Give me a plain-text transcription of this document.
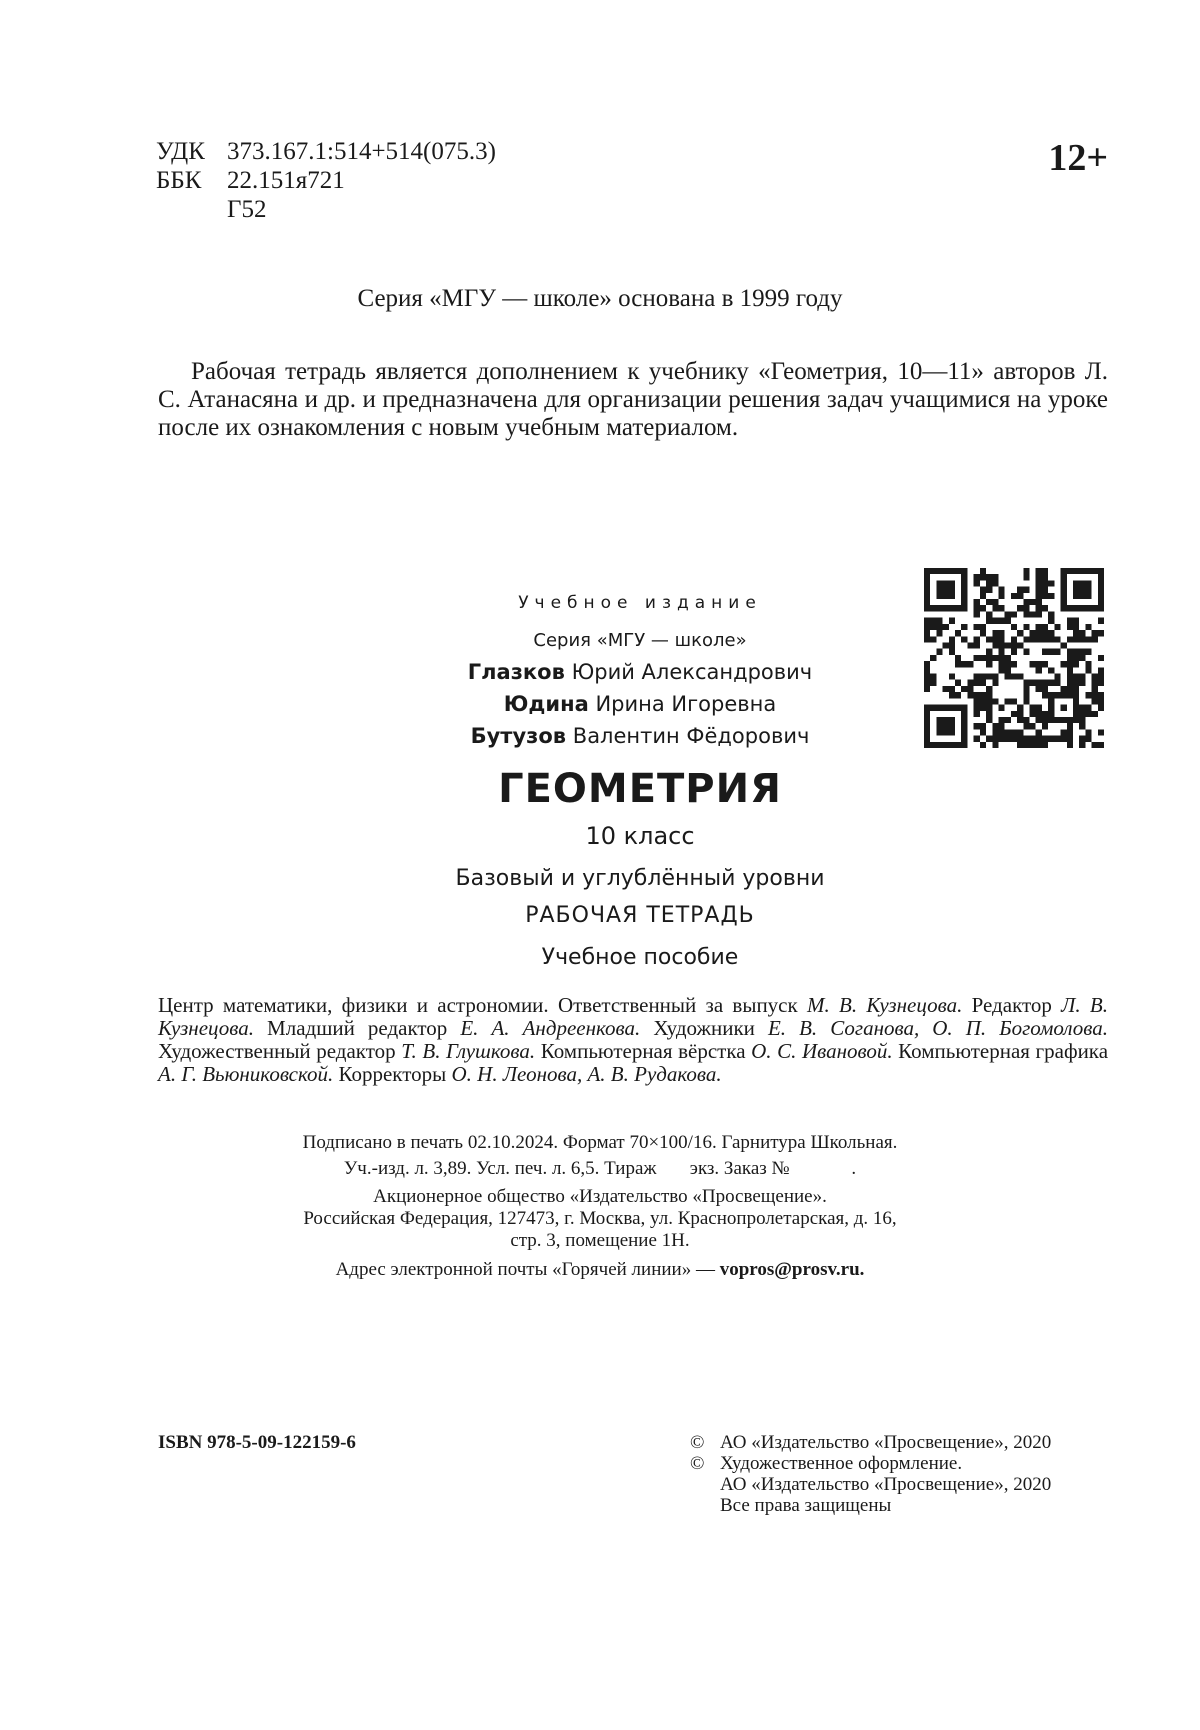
УДК 373.167.1:514+514(075.3)
ББК	22.151я721
Г52
12+
Серия «МГУ — школе» основана в 1999 году
Рабочая тетрадь является дополнением к учебнику «Геометрия, 10—11» авторов Л. С. Атанасяна и др. и предназначена для организации решения задач учащимися на уроке после их ознакомления с новым учебным материалом.
Учебное издание
Серия «МГУ — школе»
Глазков Юрий Александрович
Юдина Ирина Игоревна
Бутузов Валентин Фёдорович
ГЕОМЕТРИЯ
10 класс
Базовый и углублённый уровни
РАБОЧАЯ ТЕТРАДЬ
Учебное пособие
Центр математики, физики и астрономии. Ответственный за выпуск М. В. Кузнецова. Редактор Л. В. Кузнецова. Младший редактор Е. А. Андреенкова. Художники Е. В. Соганова, О. П. Богомолова. Художественный редактор Т. В. Глушкова. Компьютерная вёрстка О. С. Ивановой. Компьютерная графика А. Г. Вьюниковской. Корректоры О. Н. Леонова, А. В. Рудакова.
Подписано в печать 02.10.2024. Формат 70×100/16. Гарнитура Школьная.
Уч.-изд. л. 3,89. Усл. печ. л. 6,5. Тираж       экз. Заказ №             .
Акционерное общество «Издательство «Просвещение».
Российская Федерация, 127473, г. Москва, ул. Краснопролетарская, д. 16,
стр. 3, помещение 1Н.
Адрес электронной почты «Горячей линии» — vopros@prosv.ru.
ISBN 978-5-09-122159-6	© АО «Издательство «Просвещение», 2020
© Художественное оформление.
АО «Издательство «Просвещение», 2020
Все права защищены
